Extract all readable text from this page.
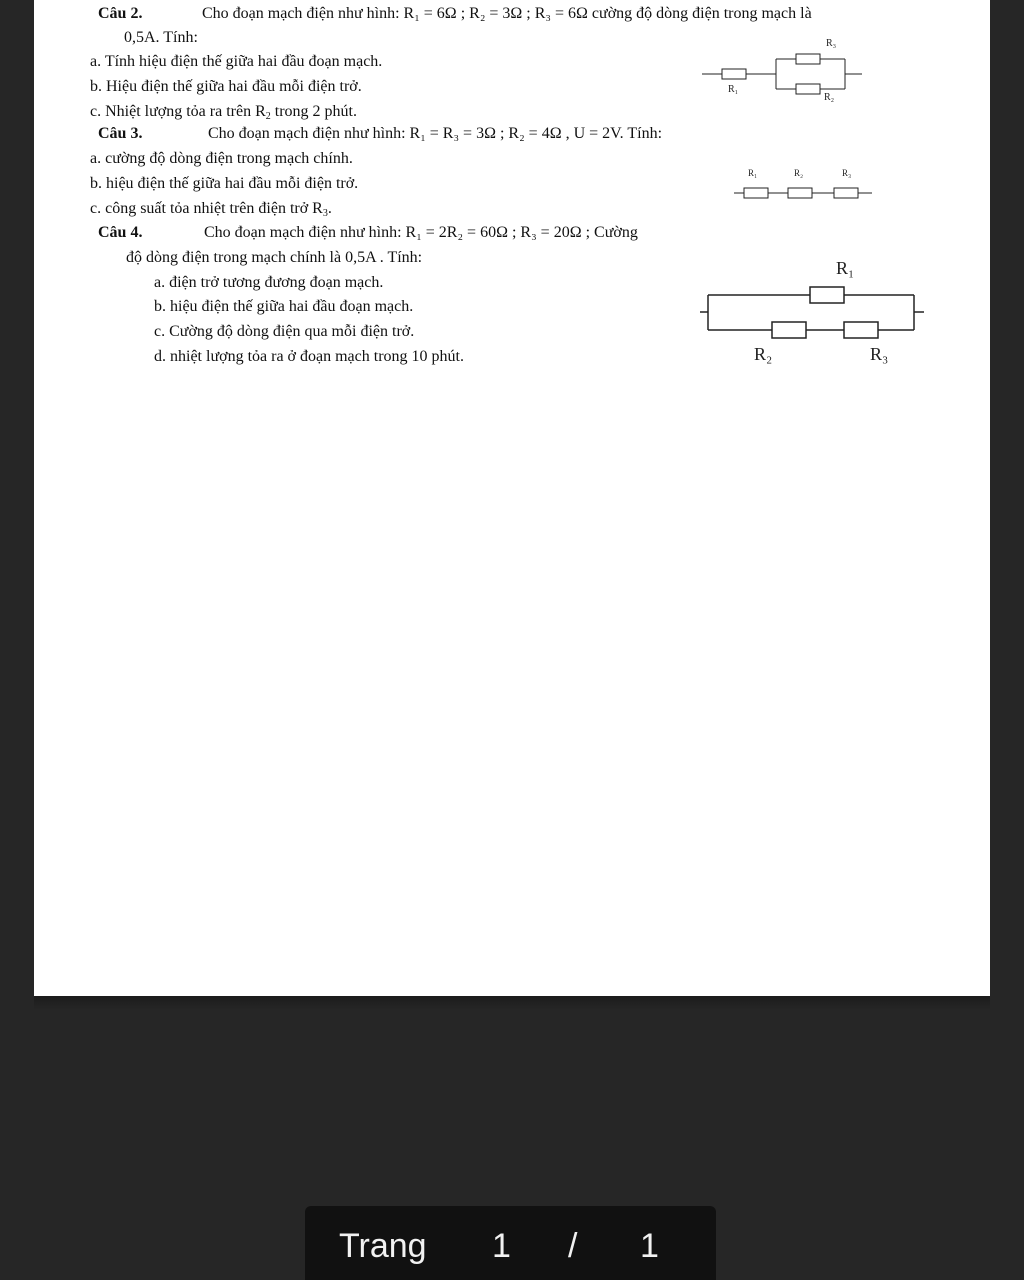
Câu 2.	Cho đoạn mạch điện như hình: R₁ = 6Ω ; R₂ = 3Ω ; R₃ = 6Ω cường độ dòng điện trong mạch là
0,5A. Tính:
a. Tính hiệu điện thế giữa hai đầu đoạn mạch.
b. Hiệu điện thế giữa hai đầu mỗi điện trở.
c. Nhiệt lượng tỏa ra trên $R_2$ trong 2 phút.
R₃
R₁
R₂
Câu 3.	Cho đoạn mạch điện như hình: R₁ = R₃ = 3Ω ; R₂ = 4Ω , U = 2V. Tính:
a. cường độ dòng điện trong mạch chính.
b. hiệu điện thế giữa hai đầu mỗi điện trở.
c. công suất tỏa nhiệt trên điện trở $R_3$.
R₁	R₂	R₃
Câu 4.	Cho đoạn mạch điện như hình: R₁ = 2R₂ = 60Ω ; R₃ = 20Ω ; Cường
độ dòng điện trong mạch chính là 0,5A . Tính:
a. điện trở tương đương đoạn mạch.
b. hiệu điện thế giữa hai đầu đoạn mạch.
c. Cường độ dòng điện qua mỗi điện trở.
d. nhiệt lượng tỏa ra ở đoạn mạch trong 10 phút.
R₁
R₂	R₃
Trang 1 / 1
